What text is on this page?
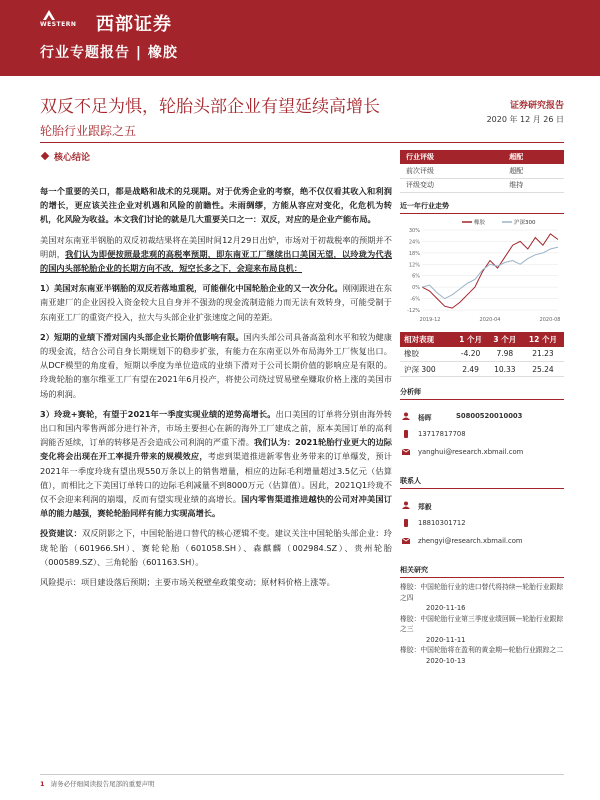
WESTERN 西部证券
行业专题报告 | 橡胶
双反不足为惧，轮胎头部企业有望延续高增长	证券研究报告
轮胎行业跟踪之五
2020 年 12 月 26 日
核心结论

每一个重要的关口，都是战略和战术的兑现期。对于优秀企业的考察，绝不仅仅看其收入和利润的增长，更应该关注企业对机遇和风险的前瞻性。未雨绸缪，方能从容应对变化，化危机为转机，化风险为收益。本文我们讨论的就是几大重要关口之一：双反，对应的是企业产能布局。

美国对东南亚半钢胎的双反初裁结果将在美国时间12月29日出炉，市场对于初裁税率的预期并不明朗，我们认为即便按照最悲观的高税率预期，即东南亚工厂继续出口美国无望，以玲珑为代表的国内头部轮胎企业的长期方向不改，短空长多之下，会迎来布局良机：

1）美国对东南亚半钢胎的双反若落地重税，可能催化中国轮胎企业的又一次分化。刚刚跟进在东南亚建厂的企业因投入资金较大且自身并不强劲的现金流制造能力而无法有效转身，可能受制于东南亚工厂的重资产投入，拉大与头部企业扩张速度之间的差距。

2）短期的业绩下滑对国内头部企业长期价值影响有限。国内头部公司具备高盈利水平和较为健康的现金流，结合公司自身长期规划下的稳步扩张，有能力在东南亚以外布局海外工厂恢复出口。从DCF模型的角度看，短期以季度为单位造成的业绩下滑对于公司长期价值的影响应是有限的。玲珑轮胎的塞尔维亚工厂有望在2021年6月投产，将使公司绕过贸易壁垒赚取价格上涨的美国市场的利润。

3）玲珑+赛轮，有望于2021年一季度实现业绩的逆势高增长。出口美国的订单将分别由海外转出口和国内零售两部分进行补齐，市场主要担心在新的海外工厂建成之前，原本美国订单的高利润能否延续，订单的转移是否会造成公司利润的严重下滑。我们认为：2021轮胎行业更大的边际变化将会出现在开工率提升带来的规模效应，考虑到渠道推进新零售业务带来的订单爆发，预计2021年一季度玲珑有望出现550万条以上的销售增量，相应的边际毛利增量超过3.5亿元（估算值），而相比之下美国订单转口的边际毛利减量不到8000万元（估算值）。因此，2021Q1玲珑不仅不会迎来利润的崩塌，反而有望实现业绩的高增长。国内零售渠道推进越快的公司对冲美国订单的能力越强，赛轮轮胎同样有能力实现高增长。

投资建议：双反阴影之下，中国轮胎进口替代的核心逻辑不变。建议关注中国轮胎头部企业：玲珑轮胎（601966.SH）、赛轮轮胎（601058.SH）、森麒麟（002984.SZ）、贵州轮胎（000589.SZ）、三角轮胎（601163.SH）。

风险提示：项目建设落后预期；主要市场关税壁垒政策变动；原材料价格上涨等。

行业评级	超配
前次评级	超配
评级变动	维持
近一年行业走势
30%
24%
18%
12%
6%
0%
-6%
-12%
2019-12	2020-04	2020-08
橡胶	沪深300
相对表现	1 个月	3 个月	12 个月
橡胶	-4.20	7.98	21.23
沪深 300	2.49	10.33	25.24
分析师
杨晖	S0800520010003
13717817708
yanghui@research.xbmail.com
联系人
郑毅
18810301712
zhengyi@research.xbmail.com
相关研究
橡胶：中国轮胎行业的进口替代将持续—轮胎行业跟踪之四
2020-11-16
橡胶：中国轮胎行业第三季度业绩回顾—轮胎行业跟踪之三
2020-11-11
橡胶：中国轮胎将在盈利的黄金期—轮胎行业跟踪之二
2020-10-13
1 请务必仔细阅读报告尾部的重要声明
